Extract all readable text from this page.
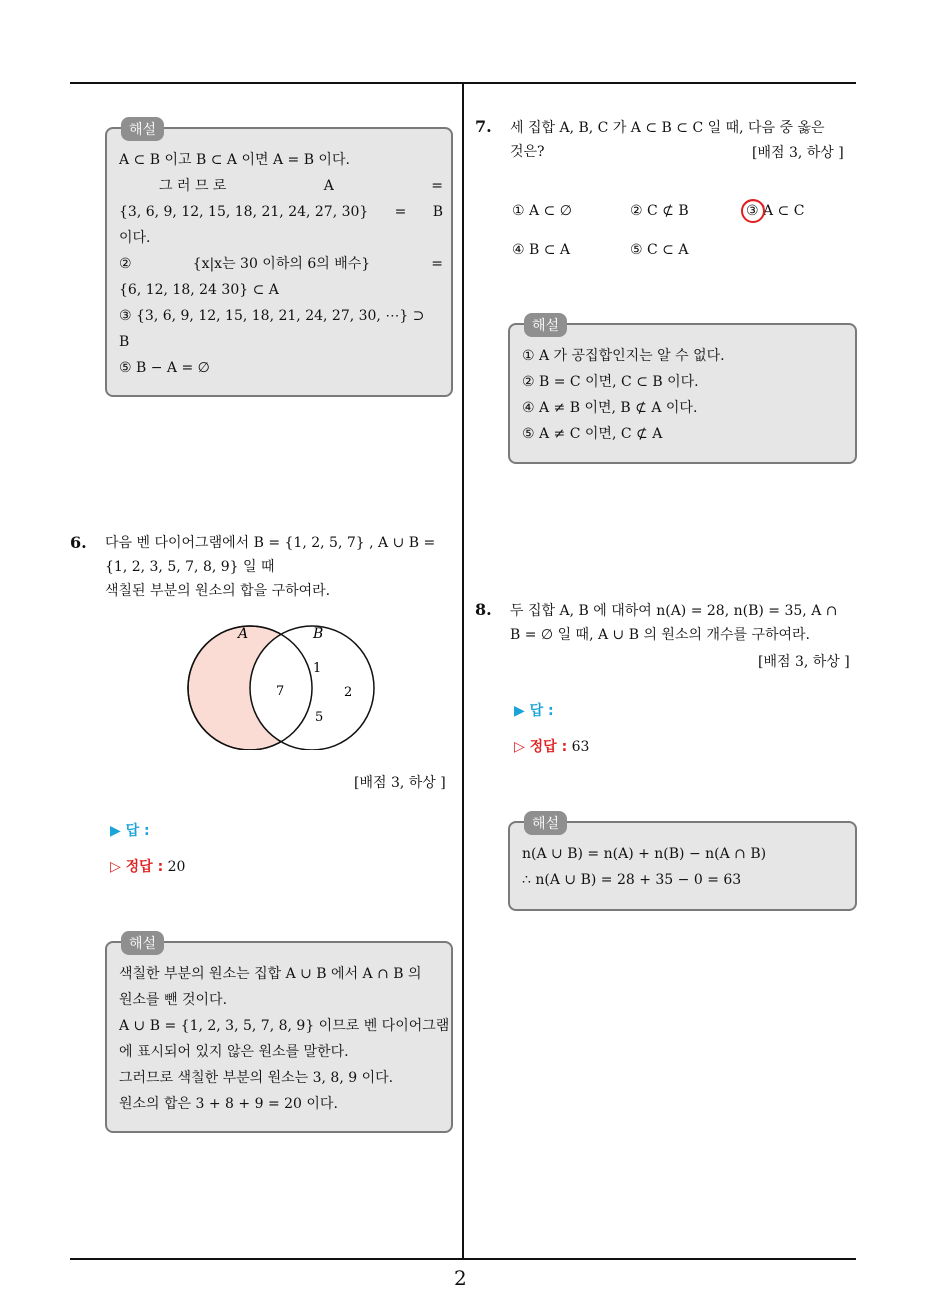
2
해설
A ⊂ B 이고 B ⊂ A 이면 A = B 이다.
그 러 므 로	A	=
{3, 6, 9, 12, 15, 18, 21, 24, 27, 30} = B
이다.
②	{x|x는 30 이하의 6의 배수}	=
{6, 12, 18, 24 30} ⊂ A
③ {3, 6, 9, 12, 15, 18, 21, 24, 27, 30, ⋯} ⊃
B
⑤ B − A = ∅
6. 다음 벤 다이어그램에서 B = {1, 2, 5, 7} , A ∪ B =
{1, 2, 3, 5, 7, 8, 9} 일 때
색칠된 부분의 원소의 합을 구하여라.
A	B
1
7	2
5
[배점 3, 하상 ]
▶ 답 :
▷ 정답 : 20
해설
색칠한 부분의 원소는 집합 A ∪ B 에서 A ∩ B 의
원소를 뺀 것이다.
A ∪ B = {1, 2, 3, 5, 7, 8, 9} 이므로 벤 다이어그램
에 표시되어 있지 않은 원소를 말한다.
그러므로 색칠한 부분의 원소는 3, 8, 9 이다.
원소의 합은 3 + 8 + 9 = 20 이다.
7. 세 집합 A, B, C 가 A ⊂ B ⊂ C 일 때, 다음 중 옳은
것은?	[배점 3, 하상 ]
① A ⊂ ∅	② C ⊄ B	③ A ⊂ C
④ B ⊂ A	⑤ C ⊂ A
해설
① A 가 공집합인지는 알 수 없다.
② B = C 이면, C ⊂ B 이다.
④ A ≠ B 이면, B ⊄ A 이다.
⑤ A ≠ C 이면, C ⊄ A
8. 두 집합 A, B 에 대하여 n(A) = 28, n(B) = 35, A ∩
B = ∅ 일 때, A ∪ B 의 원소의 개수를 구하여라.
[배점 3, 하상 ]
▶ 답 :
▷ 정답 : 63
해설
n(A ∪ B) = n(A) + n(B) − n(A ∩ B)
∴ n(A ∪ B) = 28 + 35 − 0 = 63
